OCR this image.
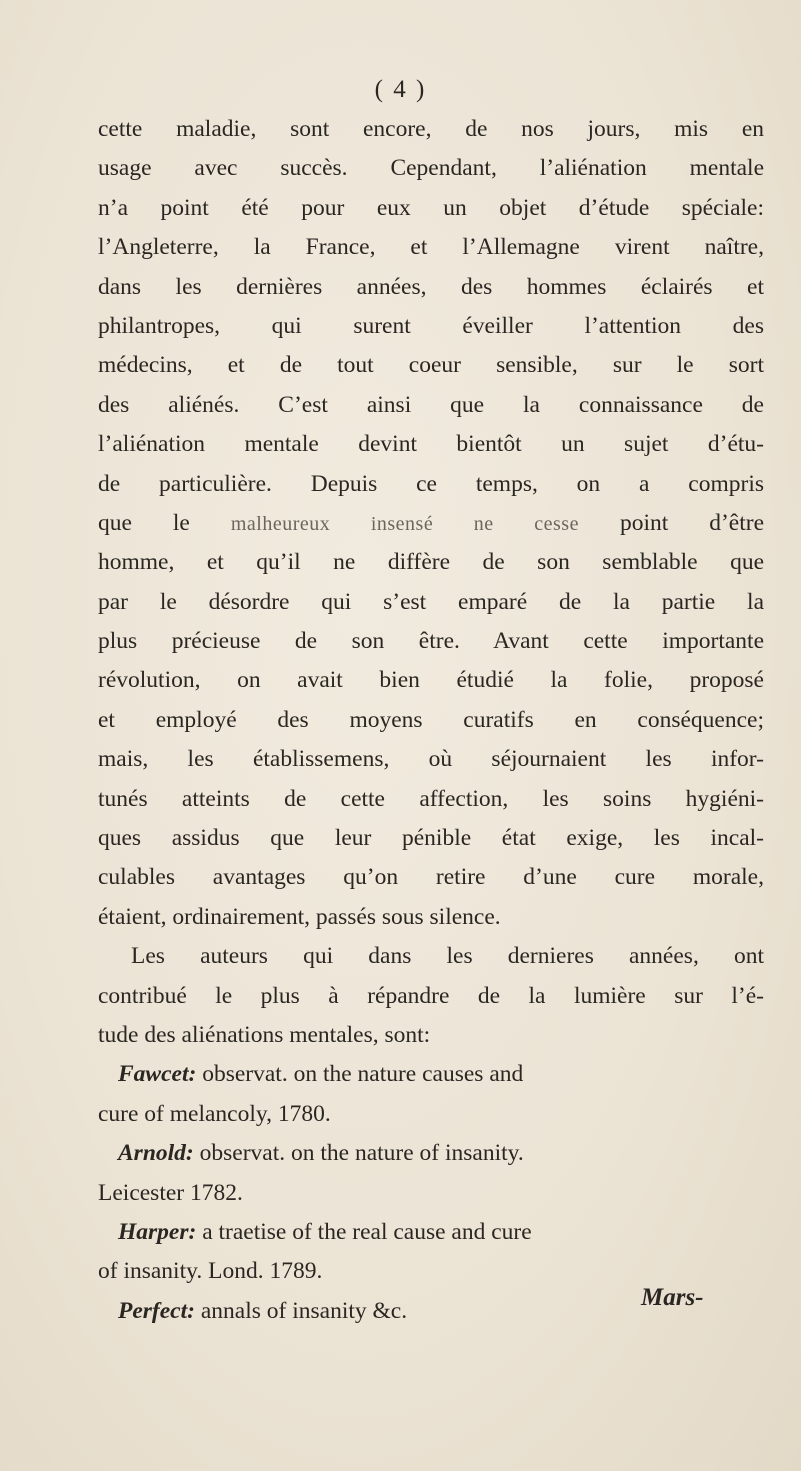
( 4 )
cette maladie, sont encore, de nos jours, mis en
usage avec succès. Cependant, l’aliénation mentale
n’a point été pour eux un objet d’étude spéciale:
l’Angleterre, la France, et l’Allemagne virent naître,
dans les dernières années, des hommes éclairés et
philantropes, qui surent éveiller l’attention des
médecins, et de tout coeur sensible, sur le sort
des aliénés. C’est ainsi que la connaissance de
l’aliénation mentale devint bientôt un sujet d’étu-
de particulière. Depuis ce temps, on a compris
que le malheureux insensé ne cesse point d’être
homme, et qu’il ne diffère de son semblable que
par le désordre qui s’est emparé de la partie la
plus précieuse de son être. Avant cette importante
révolution, on avait bien étudié la folie, proposé
et employé des moyens curatifs en conséquence;
mais, les établissemens, où séjournaient les infor-
tunés atteints de cette affection, les soins hygiéni-
ques assidus que leur pénible état exige, les incal-
culables avantages qu’on retire d’une cure morale,
étaient, ordinairement, passés sous silence.
Les auteurs qui dans les dernieres années, ont
contribué le plus à répandre de la lumière sur l’é-
tude des aliénations mentales, sont:
Fawcet: observat. on the nature causes and
cure of melancoly, 1780.
Arnold: observat. on the nature of insanity.
Leicester 1782.
Harper: a traetise of the real cause and cure
of insanity. Lond. 1789.
Perfect: annals of insanity &c.	Mars-
